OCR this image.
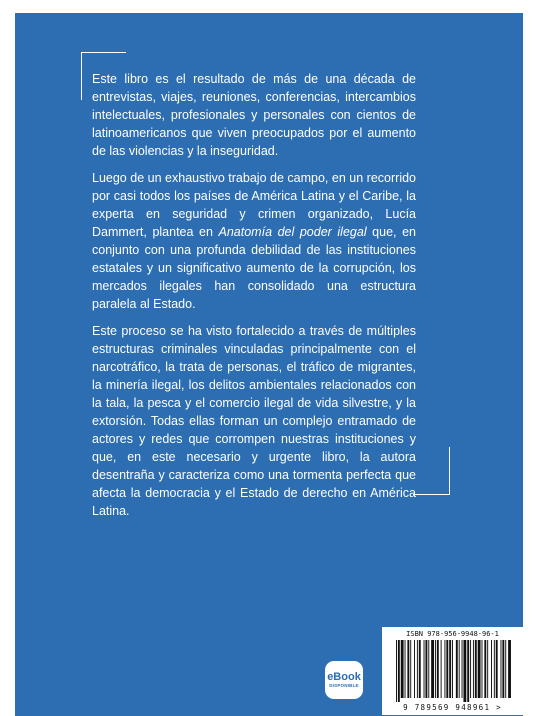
Este libro es el resultado de más de una década de entrevistas, viajes, reuniones, conferencias, intercambios intelectuales, profesionales y personales con cientos de latinoamericanos que viven preocupados por el aumento de las violencias y la inseguridad.

Luego de un exhaustivo trabajo de campo, en un recorrido por casi todos los países de América Latina y el Caribe, la experta en seguridad y crimen organizado, Lucía Dammert, plantea en Anatomía del poder ilegal que, en conjunto con una profunda debilidad de las instituciones estatales y un significativo aumento de la corrupción, los mercados ilegales han consolidado una estructura paralela al Estado.

Este proceso se ha visto fortalecido a través de múltiples estructuras criminales vinculadas principalmente con el narcotráfico, la trata de personas, el tráfico de migrantes, la minería ilegal, los delitos ambientales relacionados con la tala, la pesca y el comercio ilegal de vida silvestre, y la extorsión. Todas ellas forman un complejo entramado de actores y redes que corrompen nuestras instituciones y que, en este necesario y urgente libro, la autora desentraña y caracteriza como una tormenta perfecta que afecta la democracia y el Estado de derecho en América Latina.

eBook
DISPONIBLE
ISBN 978-956-9948-96-1
9 789569 948961 >
